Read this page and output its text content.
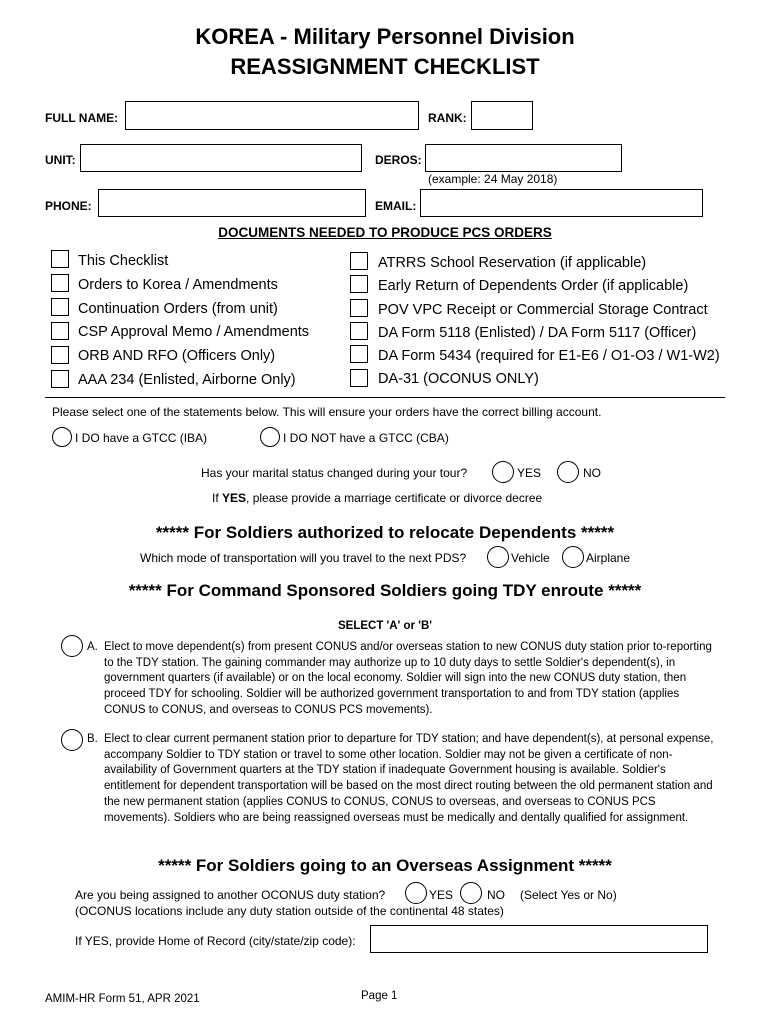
KOREA - Military Personnel Division
REASSIGNMENT CHECKLIST
FULL NAME:	RANK:
UNIT:	DEROS:
(example: 24 May 2018)
PHONE:	EMAIL:
DOCUMENTS NEEDED TO PRODUCE PCS ORDERS
This Checklist
Orders to Korea / Amendments
Continuation Orders (from unit)
CSP Approval Memo / Amendments
ORB AND RFO (Officers Only)
AAA 234 (Enlisted, Airborne Only)
ATRRS School Reservation (if applicable)
Early Return of Dependents Order (if applicable)
POV VPC Receipt or Commercial Storage Contract
DA Form 5118 (Enlisted) / DA Form 5117 (Officer)
DA Form 5434 (required for E1-E6 / O1-O3 / W1-W2)
DA-31 (OCONUS ONLY)
Please select one of the statements below. This will ensure your orders have the correct billing account.
I DO have a GTCC (IBA)	I DO NOT have a GTCC (CBA)
Has your marital status changed during your tour?	YES	NO
If YES, please provide a marriage certificate or divorce decree
***** For Soldiers authorized to relocate Dependents *****
Which mode of transportation will you travel to the next PDS?	Vehicle	Airplane
***** For Command Sponsored Soldiers going TDY enroute *****
SELECT 'A' or 'B'
A. Elect to move dependent(s) from present CONUS and/or overseas station to new CONUS duty station prior to-reporting to the TDY station. The gaining commander may authorize up to 10 duty days to settle Soldier's dependent(s), in government quarters (if available) or on the local economy. Soldier will sign into the new CONUS duty station, then proceed TDY for schooling. Soldier will be authorized government transportation to and from TDY station (applies CONUS to CONUS, and overseas to CONUS PCS movements).
B. Elect to clear current permanent station prior to departure for TDY station; and have dependent(s), at personal expense, accompany Soldier to TDY station or travel to some other location. Soldier may not be given a certificate of non-availability of Government quarters at the TDY station if inadequate Government housing is available. Soldier's entitlement for dependent transportation will be based on the most direct routing between the old permanent station and the new permanent station (applies CONUS to CONUS, CONUS to overseas, and overseas to CONUS PCS movements). Soldiers who are being reassigned overseas must be medically and dentally qualified for assignment.
***** For Soldiers going to an Overseas Assignment *****
Are you being assigned to another OCONUS duty station?	YES	NO (Select Yes or No)
(OCONUS locations include any duty station outside of the continental 48 states)
If YES, provide Home of Record (city/state/zip code):
AMIM-HR Form 51, APR 2021	Page 1
